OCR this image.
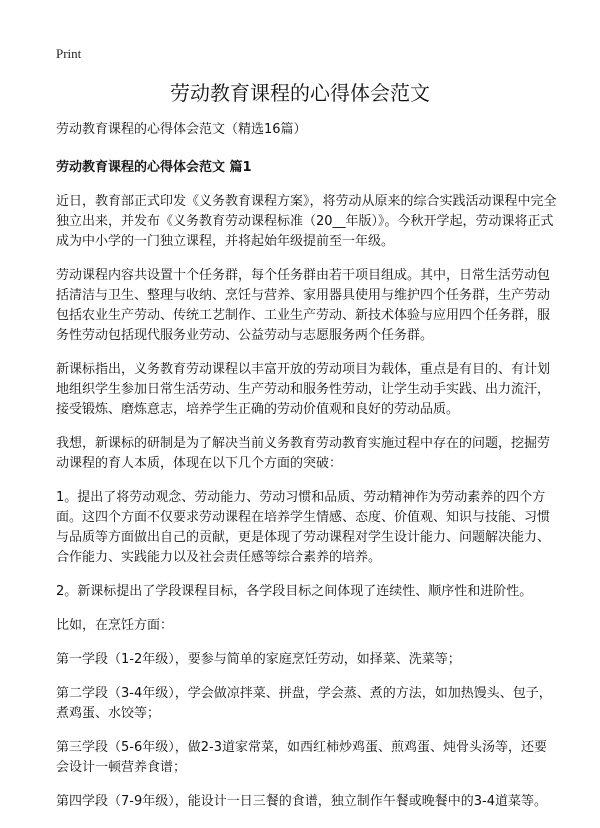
Print
劳动教育课程的心得体会范文

劳动教育课程的心得体会范文（精选16篇）

劳动教育课程的心得体会范文 篇1

近日，教育部正式印发《义务教育课程方案》，将劳动从原来的综合实践活动课程中完全独立出来，并发布《义务教育劳动课程标准（20__年版）》。今秋开学起，劳动课将正式成为中小学的一门独立课程，并将起始年级提前至一年级。

劳动课程内容共设置十个任务群，每个任务群由若干项目组成。其中，日常生活劳动包括清洁与卫生、整理与收纳、烹饪与营养、家用器具使用与维护四个任务群，生产劳动包括农业生产劳动、传统工艺制作、工业生产劳动、新技术体验与应用四个任务群，服务性劳动包括现代服务业劳动、公益劳动与志愿服务两个任务群。

新课标指出，义务教育劳动课程以丰富开放的劳动项目为载体，重点是有目的、有计划地组织学生参加日常生活劳动、生产劳动和服务性劳动，让学生动手实践、出力流汗，接受锻炼、磨炼意志，培养学生正确的劳动价值观和良好的劳动品质。

我想，新课标的研制是为了解决当前义务教育劳动教育实施过程中存在的问题，挖掘劳动课程的育人本质，体现在以下几个方面的突破：

1。提出了将劳动观念、劳动能力、劳动习惯和品质、劳动精神作为劳动素养的四个方面。这四个方面不仅要求劳动课程在培养学生情感、态度、价值观、知识与技能、习惯与品质等方面做出自己的贡献，更是体现了劳动课程对学生设计能力、问题解决能力、合作能力、实践能力以及社会责任感等综合素养的培养。

2。新课标提出了学段课程目标，各学段目标之间体现了连续性、顺序性和进阶性。

比如，在烹饪方面：

第一学段（1-2年级），要参与简单的家庭烹饪劳动，如择菜、洗菜等；

第二学段（3-4年级），学会做凉拌菜、拼盘，学会蒸、煮的方法，如加热馒头、包子，煮鸡蛋、水饺等；

第三学段（5-6年级），做2-3道家常菜，如西红柿炒鸡蛋、煎鸡蛋、炖骨头汤等，还要会设计一顿营养食谱；

第四学段（7-9年级），能设计一日三餐的食谱，独立制作午餐或晚餐中的3-4道菜等。
